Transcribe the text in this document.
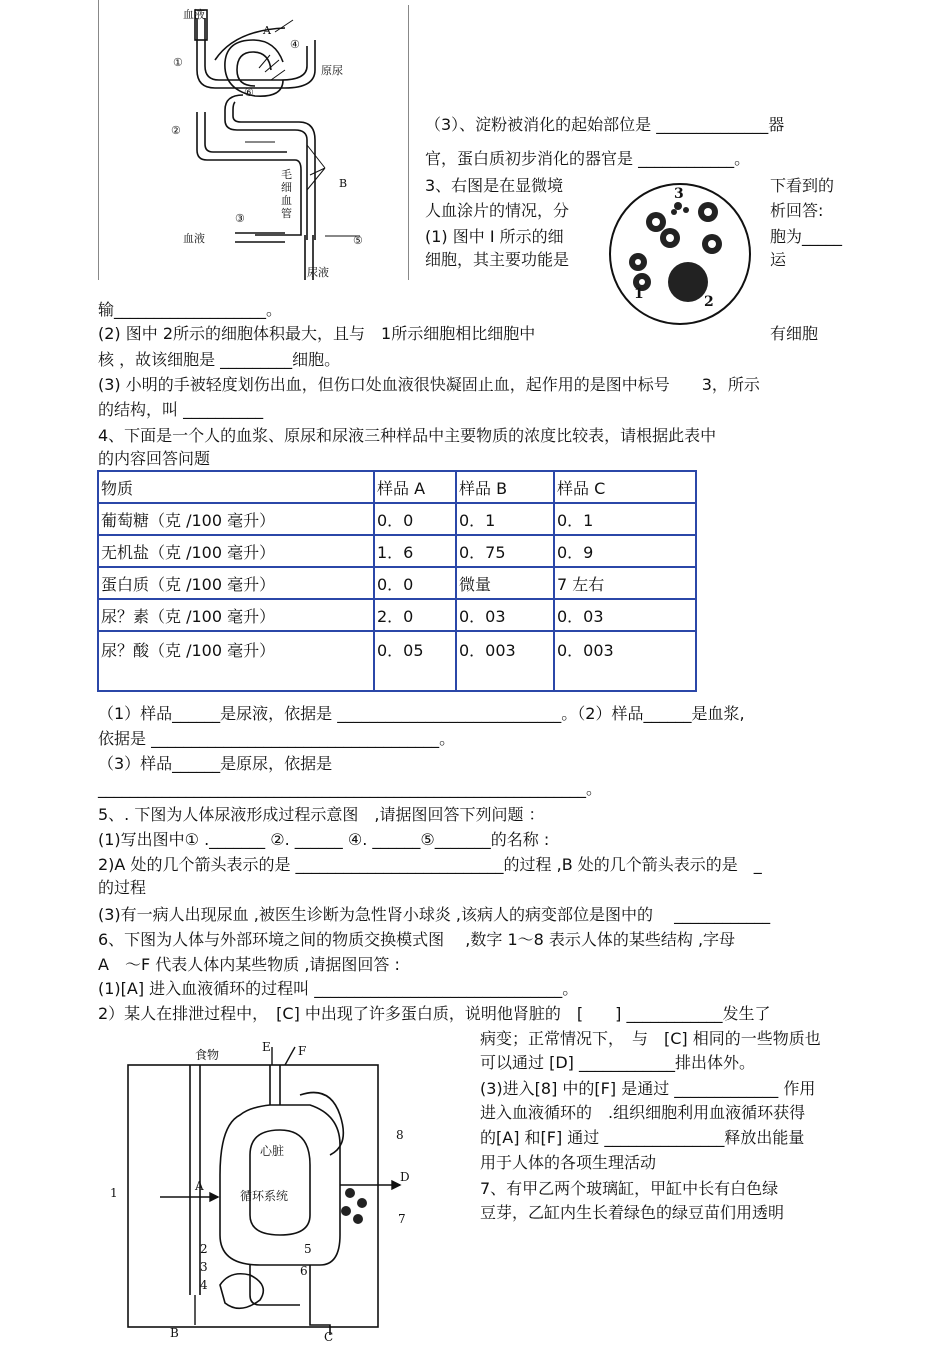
血液
①
A
④
原尿
⑥
②
毛
细
血
管
B
③
血液	⑤
尿液
1	2
3
（3）、淀粉被消化的起始部位是 ______________器
官，蛋白质初步消化的器官是 ____________。
3、右图是在显微境	下看到的
人血涂片的情况，分	析回答:
(1) 图中 Ⅰ 所示的细	胞为_____
细胞，其主要功能是	运
输___________________。
(2) 图中 2所示的细胞体积最大，且与　1所示细胞相比细胞中	有细胞
核 ，故该细胞是 _________细胞。
(3) 小明的手被轻度划伤出血，但伤口处血液很快凝固止血，起作用的是图中标号　　3，所示
的结构，叫 __________
4、下面是一个人的血浆、原尿和尿液三种样品中主要物质的浓度比较表，请根据此表中
的内容回答问题
物质	样品 A	样品 B	样品 C
葡萄糖（克 /100 毫升）	0．0	0．1	0．1
无机盐（克 /100 毫升）	1．6	0．75	0．9
蛋白质（克 /100 毫升）	0．0	微量	7 左右
尿？素（克 /100 毫升）	2．0	0．03	0．03
尿？酸（克 /100 毫升）	0．05	0．003	0．003
（1）样品______是尿液，依据是 ____________________________。（2）样品______是血浆,
依据是 ____________________________________。
（3）样品______是原尿，依据是
_____________________________________________________________。
5、. 下图为人体尿液形成过程示意图　,请据图回答下列问题 ：
(1)写出图中① ._______ ②. ______ ④. ______⑤_______的名称 :
2)A 处的几个箭头表示的是 __________________________的过程 ,B 处的几个箭头表示的是　_
的过程
(3)有一病人出现尿血 ,被医生诊断为急性肾小球炎 ,该病人的病变部位是图中的　 ____________
6、下图为人体与外部环境之间的物质交换模式图　 ,数字 1～8 表示人体的某些结构 ,字母
A　～F 代表人体内某些物质 ,请据图回答 :
(1)[A] 进入血液循环的过程叫 _______________________________。
2）某人在排泄过程中，　[C] 中出现了许多蛋白质，说明他肾脏的　[　　] ____________发生了
病变；正常情况下，　与　[C] 相同的一些物质也
可以通过 [D] ____________排出体外。
(3)进入[8] 中的[F] 是通过 _____________ 作用
进入血液循环的　.组织细胞利用血液循环获得
的[A] 和[F] 通过 _______________释放出能量
用于人体的各项生理活动
7、有甲乙两个玻璃缸，甲缸中长有白色绿
豆芽，乙缸内生长着绿色的绿豆苗们用透明
食物
E F
心脏
循环系统
A
D
B	C
1
2
3
4
5
6
7
8
